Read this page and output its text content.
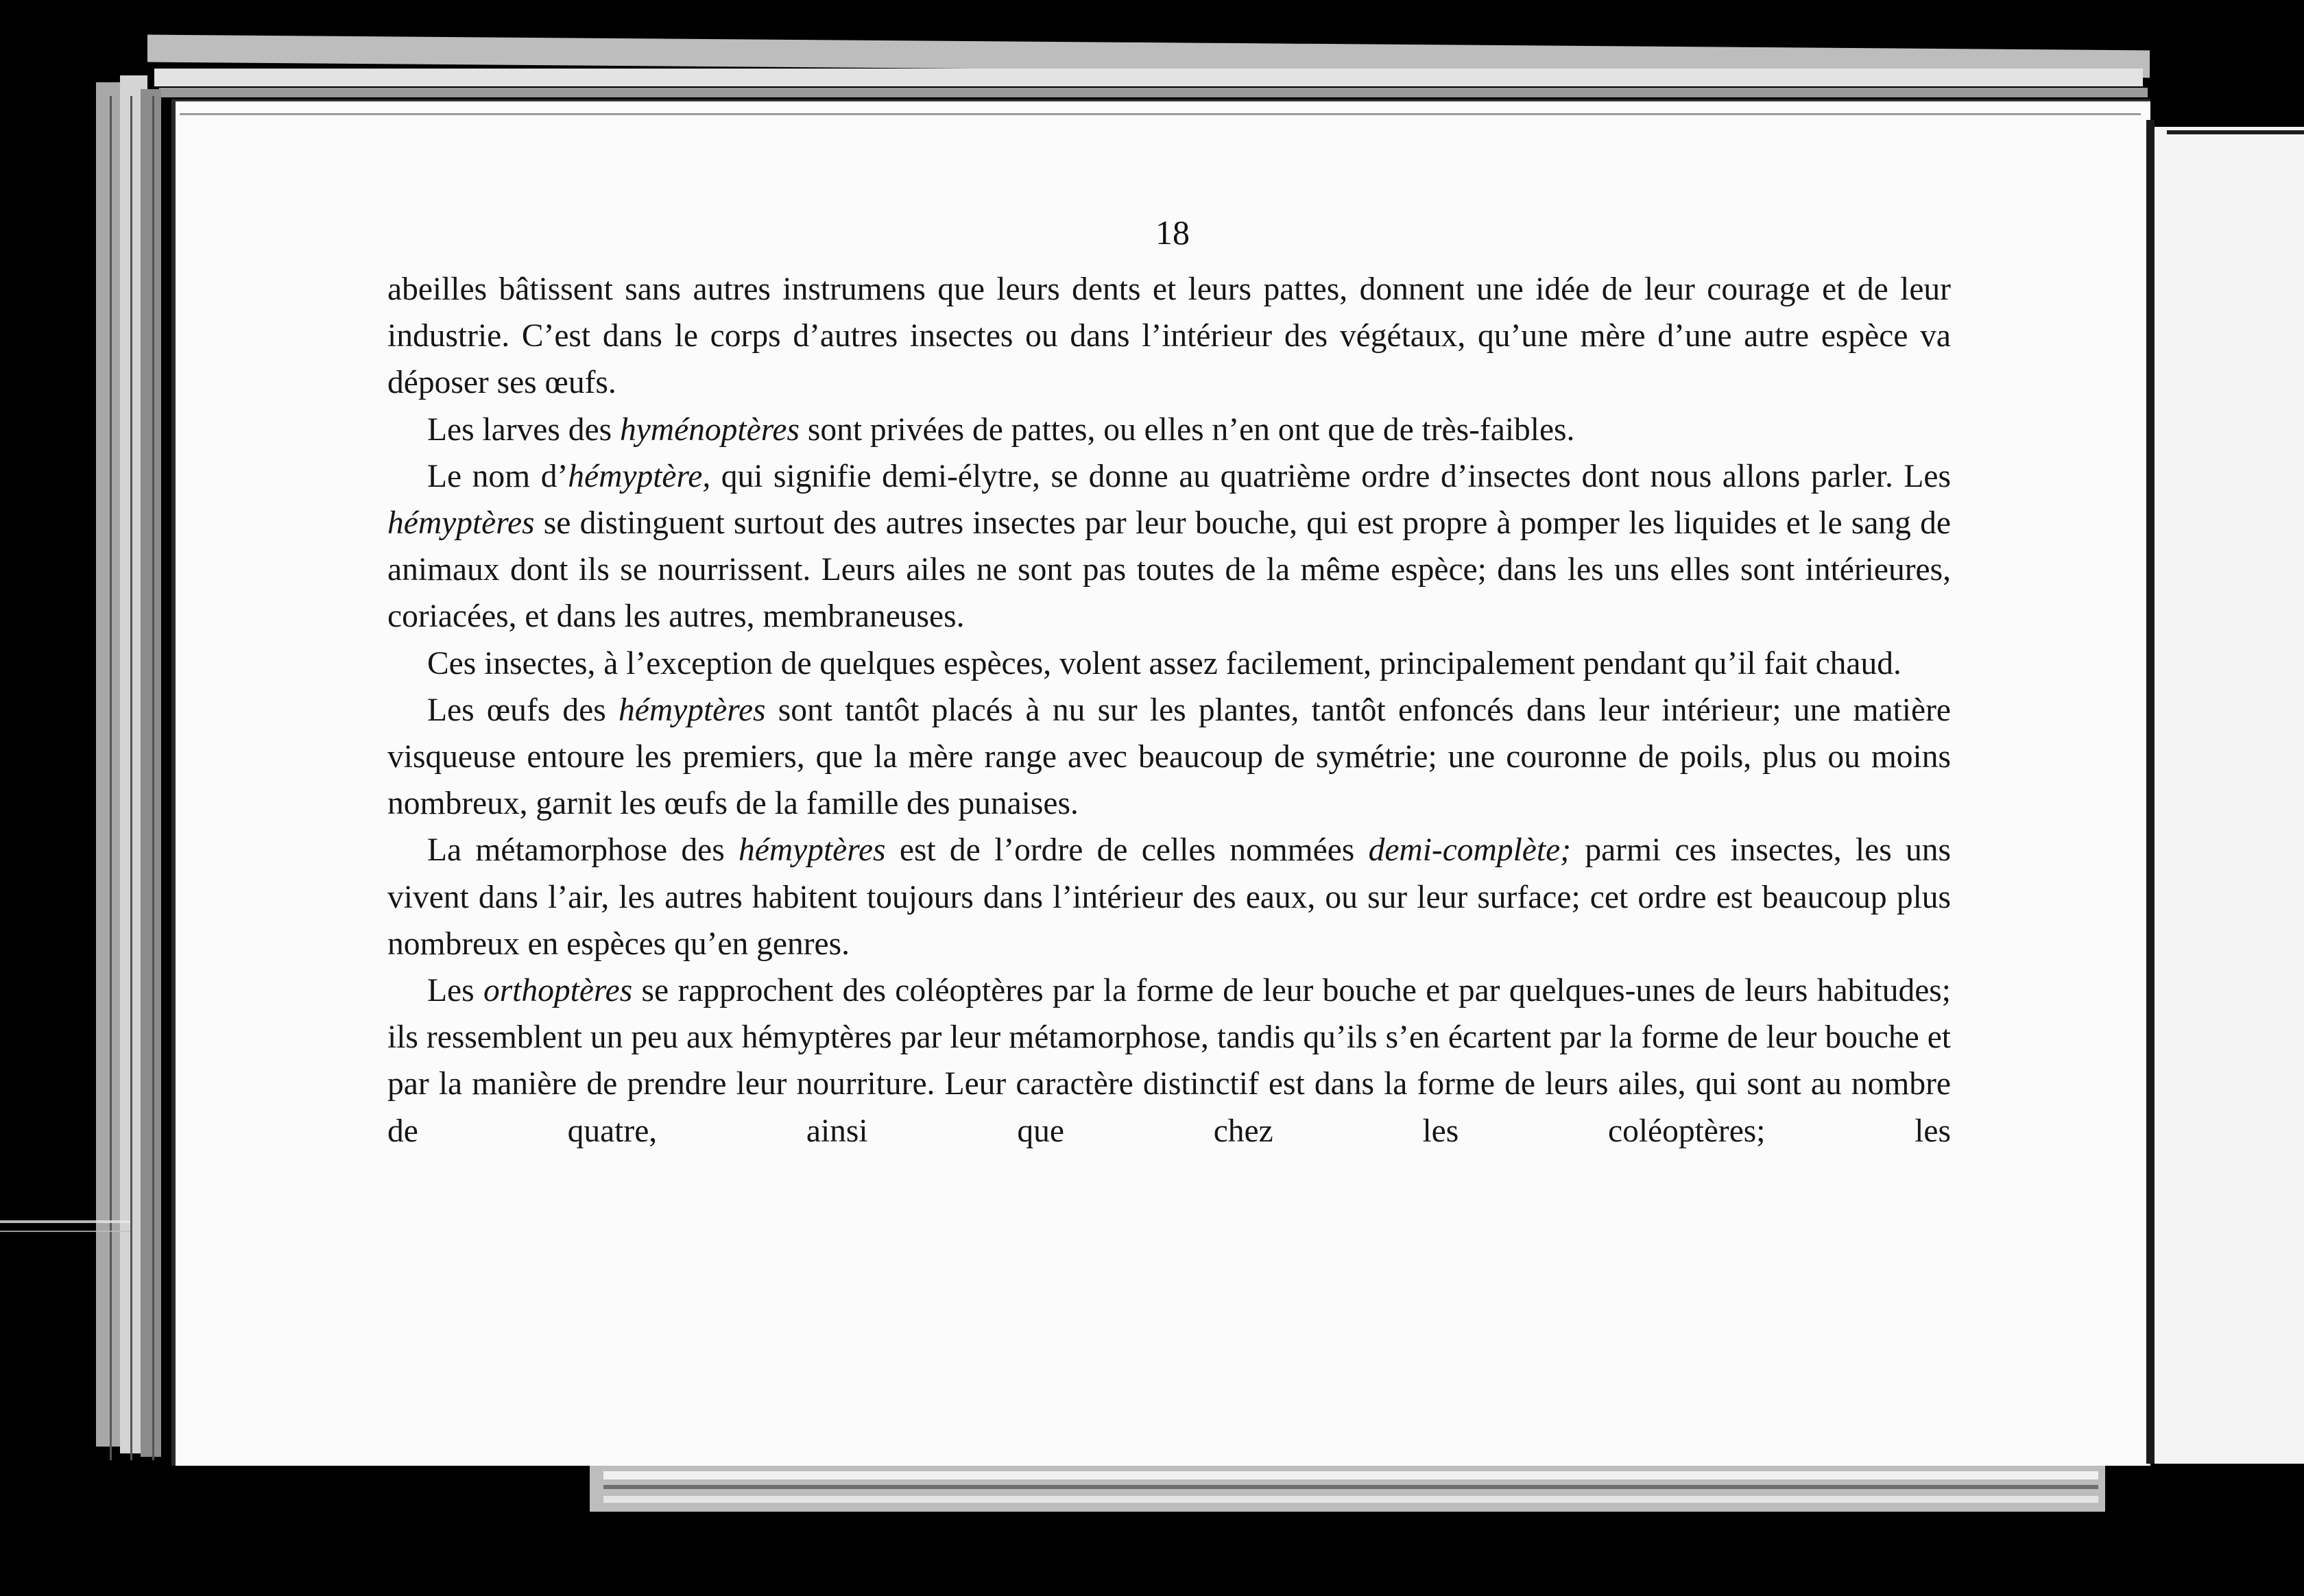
18

abeilles bâtissent sans autres instrumens que leurs dents et leurs pattes, donnent une idée de leur courage et de leur industrie. C’est dans le corps d’autres insectes ou dans l’intérieur des végétaux, qu’une mère d’une autre espèce va déposer ses œufs.

Les larves des hyménoptères sont privées de pattes, ou elles n’en ont que de très-faibles.

Le nom d’hémyptère, qui signifie demi-élytre, se donne au quatrième ordre d’insectes dont nous allons parler. Les hémyptères se distinguent surtout des autres insectes par leur bouche, qui est propre à pomper les liquides et le sang de animaux dont ils se nourrissent. Leurs ailes ne sont pas toutes de la même espèce; dans les uns elles sont intérieures, coriacées, et dans les autres, membraneuses.

Ces insectes, à l’exception de quelques espèces, volent assez facilement, principalement pendant qu’il fait chaud.

Les œufs des hémyptères sont tantôt placés à nu sur les plantes, tantôt enfoncés dans leur intérieur; une matière visqueuse entoure les premiers, que la mère range avec beaucoup de symétrie; une couronne de poils, plus ou moins nombreux, garnit les œufs de la famille des punaises.

La métamorphose des hémyptères est de l’ordre de celles nommées demi-complète; parmi ces insectes, les uns vivent dans l’air, les autres habitent toujours dans l’intérieur des eaux, ou sur leur surface; cet ordre est beaucoup plus nombreux en espèces qu’en genres.

Les orthoptères se rapprochent des coléoptères par la forme de leur bouche et par quelques-unes de leurs habitudes; ils ressemblent un peu aux hémyptères par leur métamorphose, tandis qu’ils s’en écartent par la forme de leur bouche et par la manière de prendre leur nourriture. Leur caractère distinctif est dans la forme de leurs ailes, qui sont au nombre de quatre, ainsi que chez les coléoptères; les
